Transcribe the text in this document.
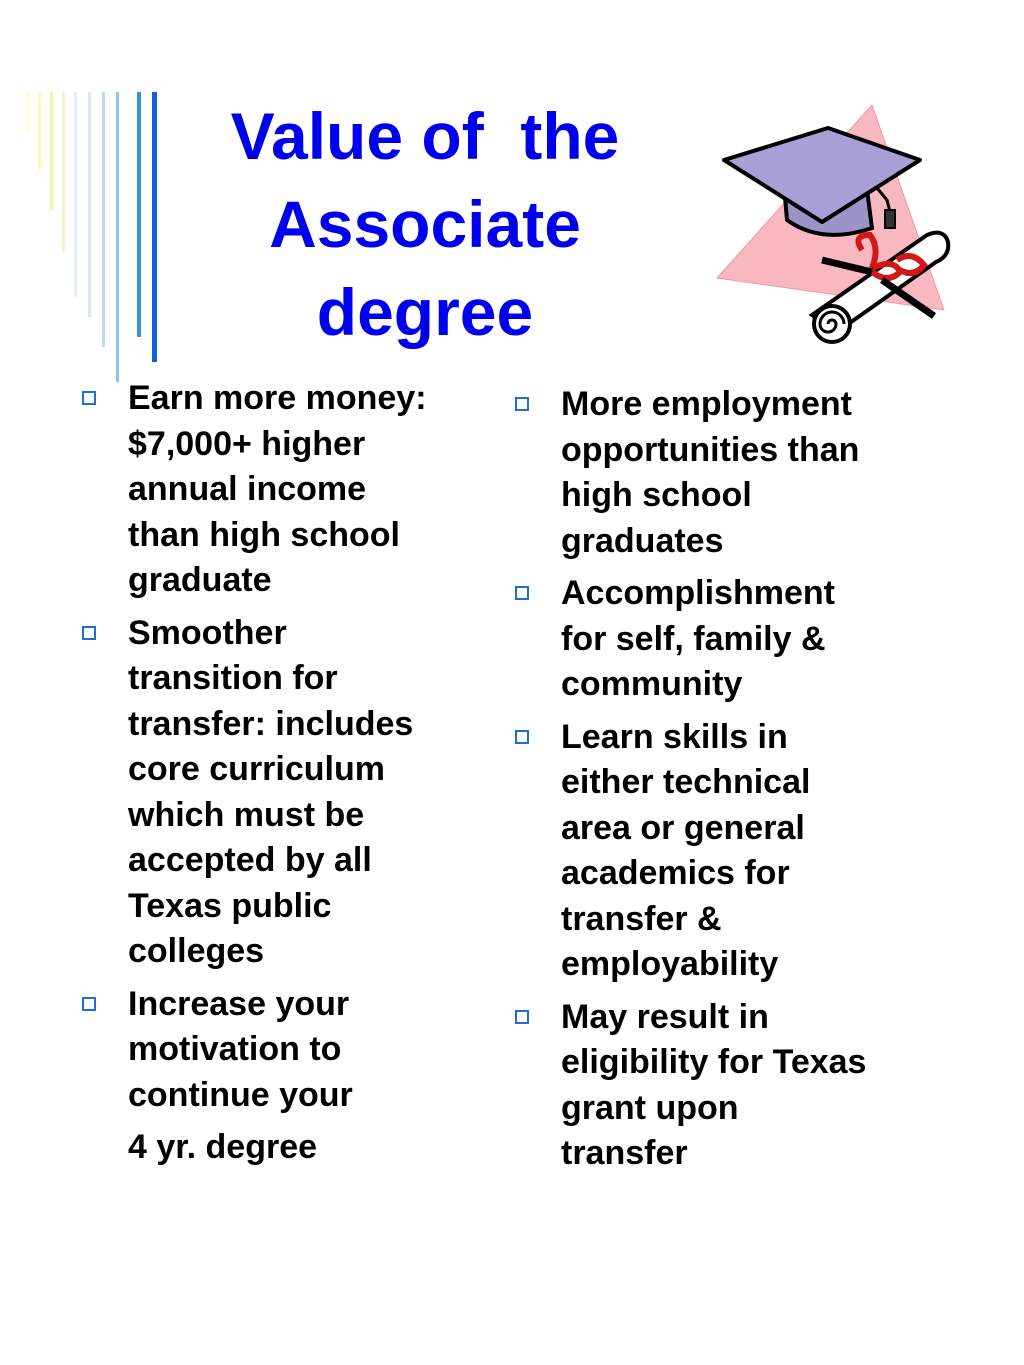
Value of  the
Associate
degree
Earn more money:
$7,000+ higher
annual income
than high school
graduate
Smoother
transition for
transfer: includes
core curriculum
which must be
accepted by all
Texas public
colleges
Increase your
motivation to
continue your
4 yr. degree
More employment
opportunities than
high school
graduates
Accomplishment
for self, family &
community
Learn skills in
either technical
area or general
academics for
transfer &
employability
May result in
eligibility for Texas
grant upon
transfer
